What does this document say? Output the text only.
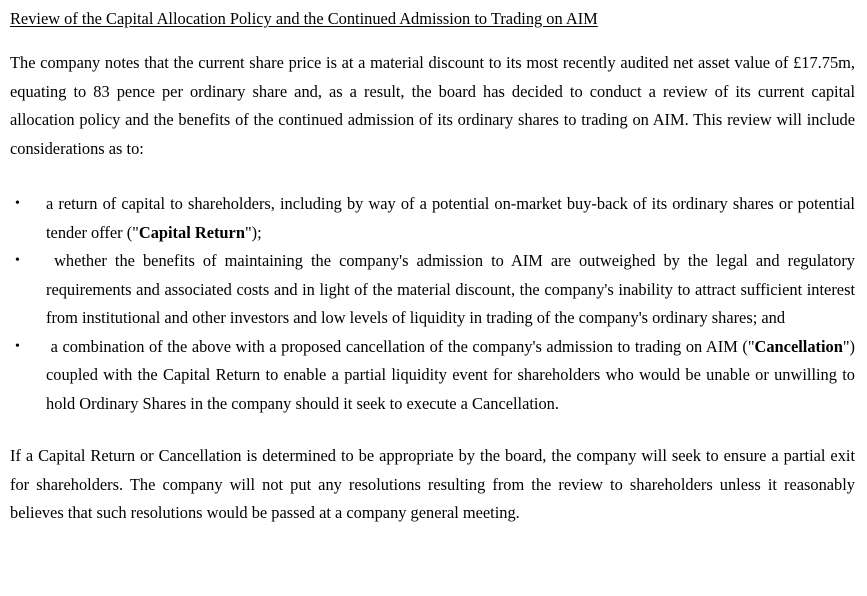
Review of the Capital Allocation Policy and the Continued Admission to Trading on AIM

The company notes that the current share price is at a material discount to its most recently audited net asset value of £17.75m, equating to 83 pence per ordinary share and, as a result, the board has decided to conduct a review of its current capital allocation policy and the benefits of the continued admission of its ordinary shares to trading on AIM. This review will include considerations as to:

• a return of capital to shareholders, including by way of a potential on-market buy-back of its ordinary shares or potential tender offer ("Capital Return");
• whether the benefits of maintaining the company's admission to AIM are outweighed by the legal and regulatory requirements and associated costs and in light of the material discount, the company's inability to attract sufficient interest from institutional and other investors and low levels of liquidity in trading of the company's ordinary shares; and
• a combination of the above with a proposed cancellation of the company's admission to trading on AIM ("Cancellation") coupled with the Capital Return to enable a partial liquidity event for shareholders who would be unable or unwilling to hold Ordinary Shares in the company should it seek to execute a Cancellation.

If a Capital Return or Cancellation is determined to be appropriate by the board, the company will seek to ensure a partial exit for shareholders. The company will not put any resolutions resulting from the review to shareholders unless it reasonably believes that such resolutions would be passed at a company general meeting.
